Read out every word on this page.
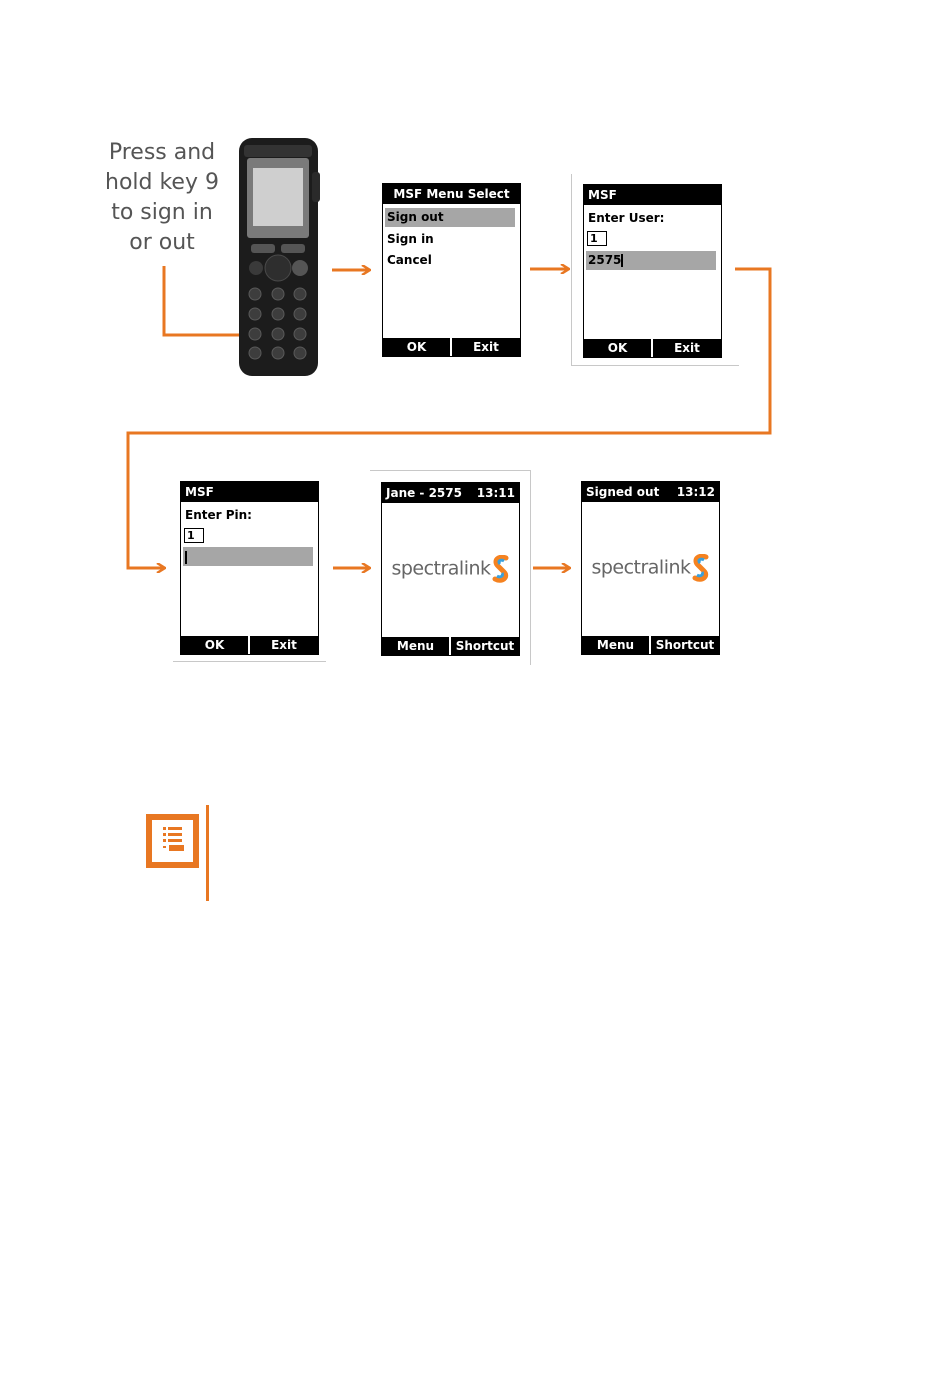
Press and
hold key 9
to sign in
or out
MSF Menu Select
Sign out
Sign in
Cancel
OK	Exit
MSF
Enter User:
1
2575
OK	Exit
MSF
Enter Pin:
1
OK	Exit
Jane - 2575 13:11
spectralink
Menu	Shortcut
Signed out 13:12
spectralink
Menu	Shortcut
